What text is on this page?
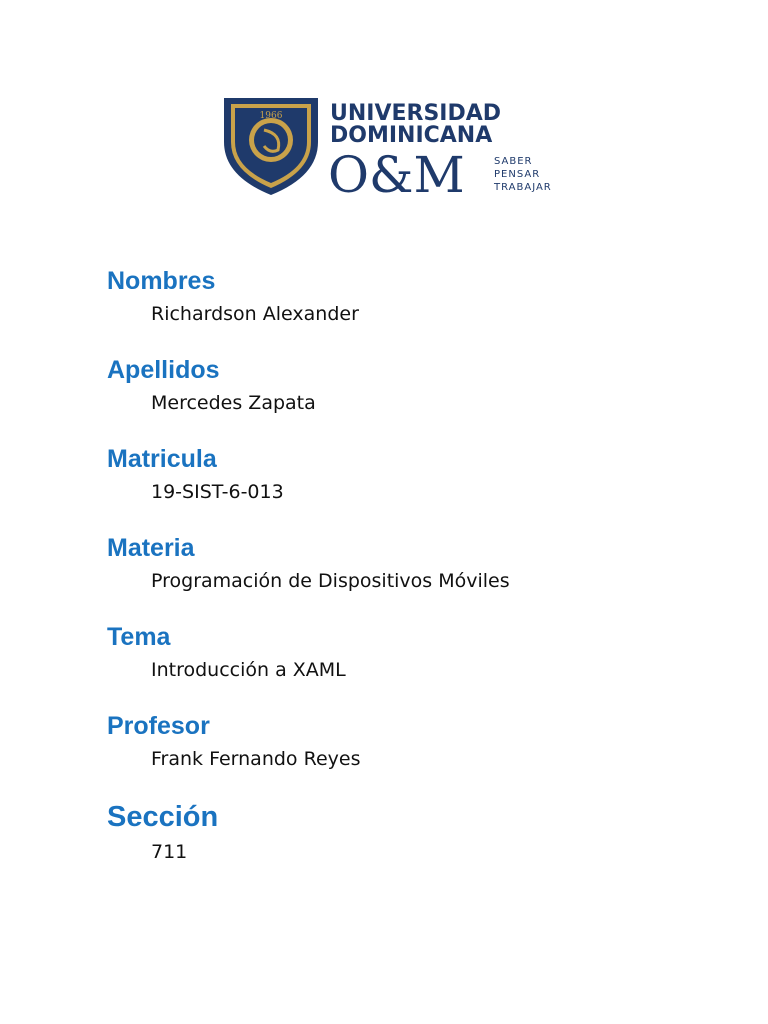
1966 UNIVERSIDAD
DOMINICANA
O&M	SABER
PENSAR
TRABAJAR
Nombres
Richardson Alexander
Apellidos
Mercedes Zapata
Matricula
19-SIST-6-013
Materia
Programación de Dispositivos Móviles
Tema
Introducción a XAML
Profesor
Frank Fernando Reyes
Sección
711
